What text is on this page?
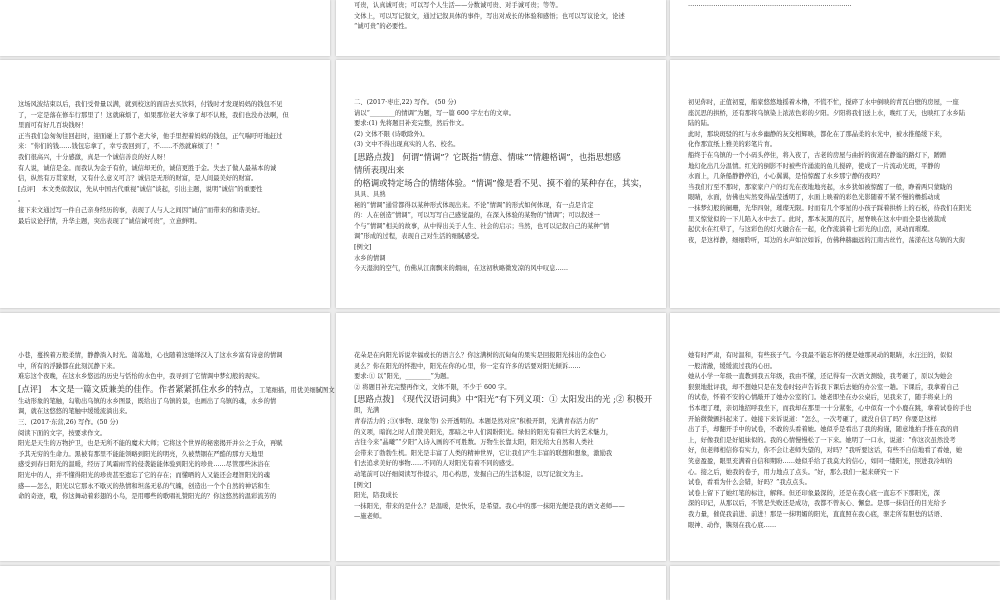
可贵，认真诚可贵；可以写个人生活——分数诚可贵、对手诚可贵；等等。
文体上，可以写记叙文，通过记叙具体的事件，写出对成长的体验和感悟；也可以写议论文，论述
“诚可贵”的必要性。
……………………………………………………………………
这场风波结束以后，我们受骨量以满，就到校这的面店去买饮料，付钱时才发现妈妈的钱包不见
了，一定是落在修车行那里了！这就麻烦了，如果那位老大爷拿了却不认账，我们也没办法啊，但
里面可有好几百块钱呀！
正当我们急匆匆往回赶时，迎面碰上了那个老大爷，他手里捏着妈妈的钱包，正气喘吁吁地赶过
来：“你们的钱……钱包忘拿了，幸亏我回到了，不……不然就麻烦了！”
我们很高兴，十分感激，真是一个诚信善良的好人呀！
有人说，诚信是金。而我认为金子有价，诚信却无价，诚信更胜于金。失去了做人最基本的诚
信，纵然有万贯家财，又有什么意义可言？诚信是无形的财富，是人间最美好的财富。
[点评]　本文类似叙议，先从中国古代重视“诚信”谈起，引出主题，说明“诚信”的重要性
。
接下来文通过写一件自己亲身经历的事，表现了人与人之间因“诚信”而带来的和谐美好。
最后议论抒情，升华主题，突出表现了“诚信诚可贵”，立意鲜明。
二、(2017·枣庄,22) 写作。 (50 分)
请以“________的情调”为题，写一篇 600 字左右的文章。
要求:(1) 先将题目补充完整，然后作文。
(2) 文体不限 (诗歌除外)。
(3) 文中不得出现真实的人名、校名。
[思路点拨]　何谓“情调”？它既指“情意、情味”“情趣格调”，也指思想感
情所表现出来
的格调或特定场合的情绪体验。“情调”像是看不见、摸不着的某种存在，其实，
具具、具熟
秘的“情调”通常都得以某种形式体现出来。不论“情调”的形式如何体现，有一点是肯定
的：人在创造“情调”，可以写写自己感觉最的，在深入体验的某物的“情调”；可以叙述一
个与“情调”相关的故事，从中得出关于人生、社会的启示；当然，也可以记叙自己的某种“情
调”形成的过程，表现自己对生活的细腻感受。
[例文]
水乡的情调
今天湿润的空气，仿佛从江南飘来的烟雨，在这初秋略微发凉的风中叹息……
初见你时，正值初夏，船家悠悠地摇着木橹，不慌不忙，搅碎了水中倒映的青瓦白壁的房屋，一座
座沉思的拱桥，还有那将乌镇染上浓浓色彩的夕阳。夕阳将我们送上水，晚红了天，也映红了水乡陆
陆的陆。
此时，那块斑驳的红与水乡幽静的灰交相辉映，都化在了那晶柔的水光中，被水推船缓下来，
化作那宣纸上雅美的彩笔片育。
船终于在乌镇的一个小码头停住，将入夜了，古老的房屋与曲折的街道在静谧的路灯下，蹭蹭
地幻化出几分温情。红光的倒影不时被些许涌流的鱼儿搅碎，使成了一片流动光斑，平静的
水面上，几条船静静停泊，小心翼翼，是怕惊醒了水乡那宁静的夜吗？
当我们行至不那时，那家家户户的灯光在夜地地亮起，水乡犹如被惊醒了一般，睁着两只蒙眬的
眼睛，水面，仿佛也实然变得晶莹透明了，水面上映着的彩色光影随着不紧不慢的橹摇动成
一抹梦幻般的阑珊，光华四射，璀璨无限。时而有几个零星的小孩子踩着拱桥上的石板，待我们在阳光
里又惊觉似的一下儿陷入水中去了。此时，那本灰黑的瓦片，屋脊映在这水中而全景也被裁成
起伏水在红晕了，与这彩色的灯火融合在一起，化作流淌着七彩光的山峦，灵动而璀璨。
夜，是这样静，细细聆听，耳边的水声如泣如诉，仿佛种赫幽远的江南古丝竹，荡漾在这乌镇的大街
小巷，蔓挨着万般柔情，静静淌入时光。蔼蔼地，心也随着这驰绎汉入了这水乡富有诗意的情调
中，所有的浮躁都在此刻沉静下来。
难忘这个夜晚，在这水乡悠远的历史与恬怡的水色中，我寻到了它情调中梦幻般的现实。
[点评]　本文是一篇文质兼美的佳作。作者紧紧抓住水乡的特点，工笔细描，用优美细腻图文
生动形象的笔触，勾勒出乌镇的水乡图景，既给出了乌镇的景，也画出了乌镇的魂，水乡的情
调，就在这悠悠的笔触中缓缓流淌出来。
三、(2017·东营,26) 写作。(50 分)
阅读下面的文字，按要求作文。
阳光是天生的万物护卫，也是无所不能的魔术大师；它将这个世界的秘密揭开并公之于众，再赋
予其无穷的生命力。黑被有那里不能能领略到阳光的明亮，久被禁锢在严酷的那方天地里
感受到春日阳光的温暖，经历了风霜雨雪的侵袭能能体验到阳光的珍贵……尽管那些沐浴在
阳光中的人，并不懂得阳光的珍贵甚至遗忘了它的存在；而懂晒的人又能还会理智阳光的魂
感——怎么，阳光以它那永不歇灭的热情和坦荡无私的气魄，创造出一个个自然的神话和生
命的奇迹，哦，你这舞动着彩翅的小鸟，是用哪些的歌唱礼赞阳光的？你这悠然的温彩流芳的
花朵是在向阳光诉说幸福或长的语言么？你这满树的沉甸甸的果实是回报阳光抹出的金色心
灵么？你在阳光的怀抱中，阳光在你的心里，你一定有许多的话要对阳光倾诉……
要求:① 以“阳光，________”为题。
② 将题目补充完整再作文，文体不限，不少于 600 字。
[思路点拨]　《现代汉语词典》中“阳光”有下列义项：① 太阳发出的光 ;② 积极开
朗，光满
青春活力的 ;③(事物、现象等) 公开透明的。本题是然对应“积极开朗，光满青春活力的”
的义项，暗润之时人们赞美阳光，那暗之中人们渴盼阳光。绿但的阳光有着巨大的艺术魅力，
古往今来“晶曦”“夕阳”入诗入画的不可胜数。万物生长靠太阳，阳光给大自然和人类社
会带来了勃勃生机。阳光是丰富了人类的精神世界，它让我们产生丰富的联想和想象，激励我
们去追求美好的事物……不同的人对阳光有着不同的感受。
动笔前可以仔细阅读写作提示，用心构思，发掘自己的生活积淀，以写记叙文为主。
[例文]
阳光，陪我成长
一抹阳光，带来的是什么？是温暖，是快乐，是希望。我心中的那一抹阳光便是我的语文老师——
—施老师。
她有时严肃，有时温和，有些孩子气。今我最不能忘怀的便是她那灵动的眼睛，水汪汪的，似似
一般清澈，缓缓流过我的心田。
她从小学一年级一直教到我五年级，我由不懂，还记得有一次语文测验，我考砸了，原以为她会
狠狠地批评我，却不想她只是在发卷时轻声告诉我下课后去她的办公室一趟。下课后，我拿着自己
的试卷，怀着不安的心情敲开了她办公室的门。她老即坐在办公桌后，见我来了，随手将桌上的
书本理了理，亲切地招呼我坐下，而我却在那里一十分紧张，心中似有一个小鹿在跳，拿着试卷的手也
开始微微颤抖起来了。她接下来诉说道：“怎么，一次考砸了，就没自信了吗？你要是这样
出了手，却翻开手中的试卷，不敢的头看着她。她似乎是看出了我的拘谨，随意地拍手推在我的肩
上，好像我们是好姐妹似的。我的心情慢慢松了一下来。她明了一口水，说道：“你这次虽然没考
好，但老师相信你有实力，你不会让老师失望的，对吗？”我听要这话，有些不自信地看了看她，她
笑意盈盈，眼里充满着自信和期盼……她似乎给了我莫大的信心，如同一缕阳光，照进我冷却的
心。接之后，她我的卷子，用力地点了点头。“好，那么我们一起来研究一下
试卷，看看为什么会错，好吗？”我点点头。
试卷上留下了她红笔的标注，解释。但还印象最深的，还是在我心底一直忘不下那阳光，深
深的印记，从那以后，不管是失败还是成功，我都不曾灰心、懈怠。是那一抹信任的目光给予
我力量，催促我前进、前进！那是一抹明媚的阳光，直直照在我心底，驱走所有胆怯的话语、
眼神、动作，镌刻在我心底……
